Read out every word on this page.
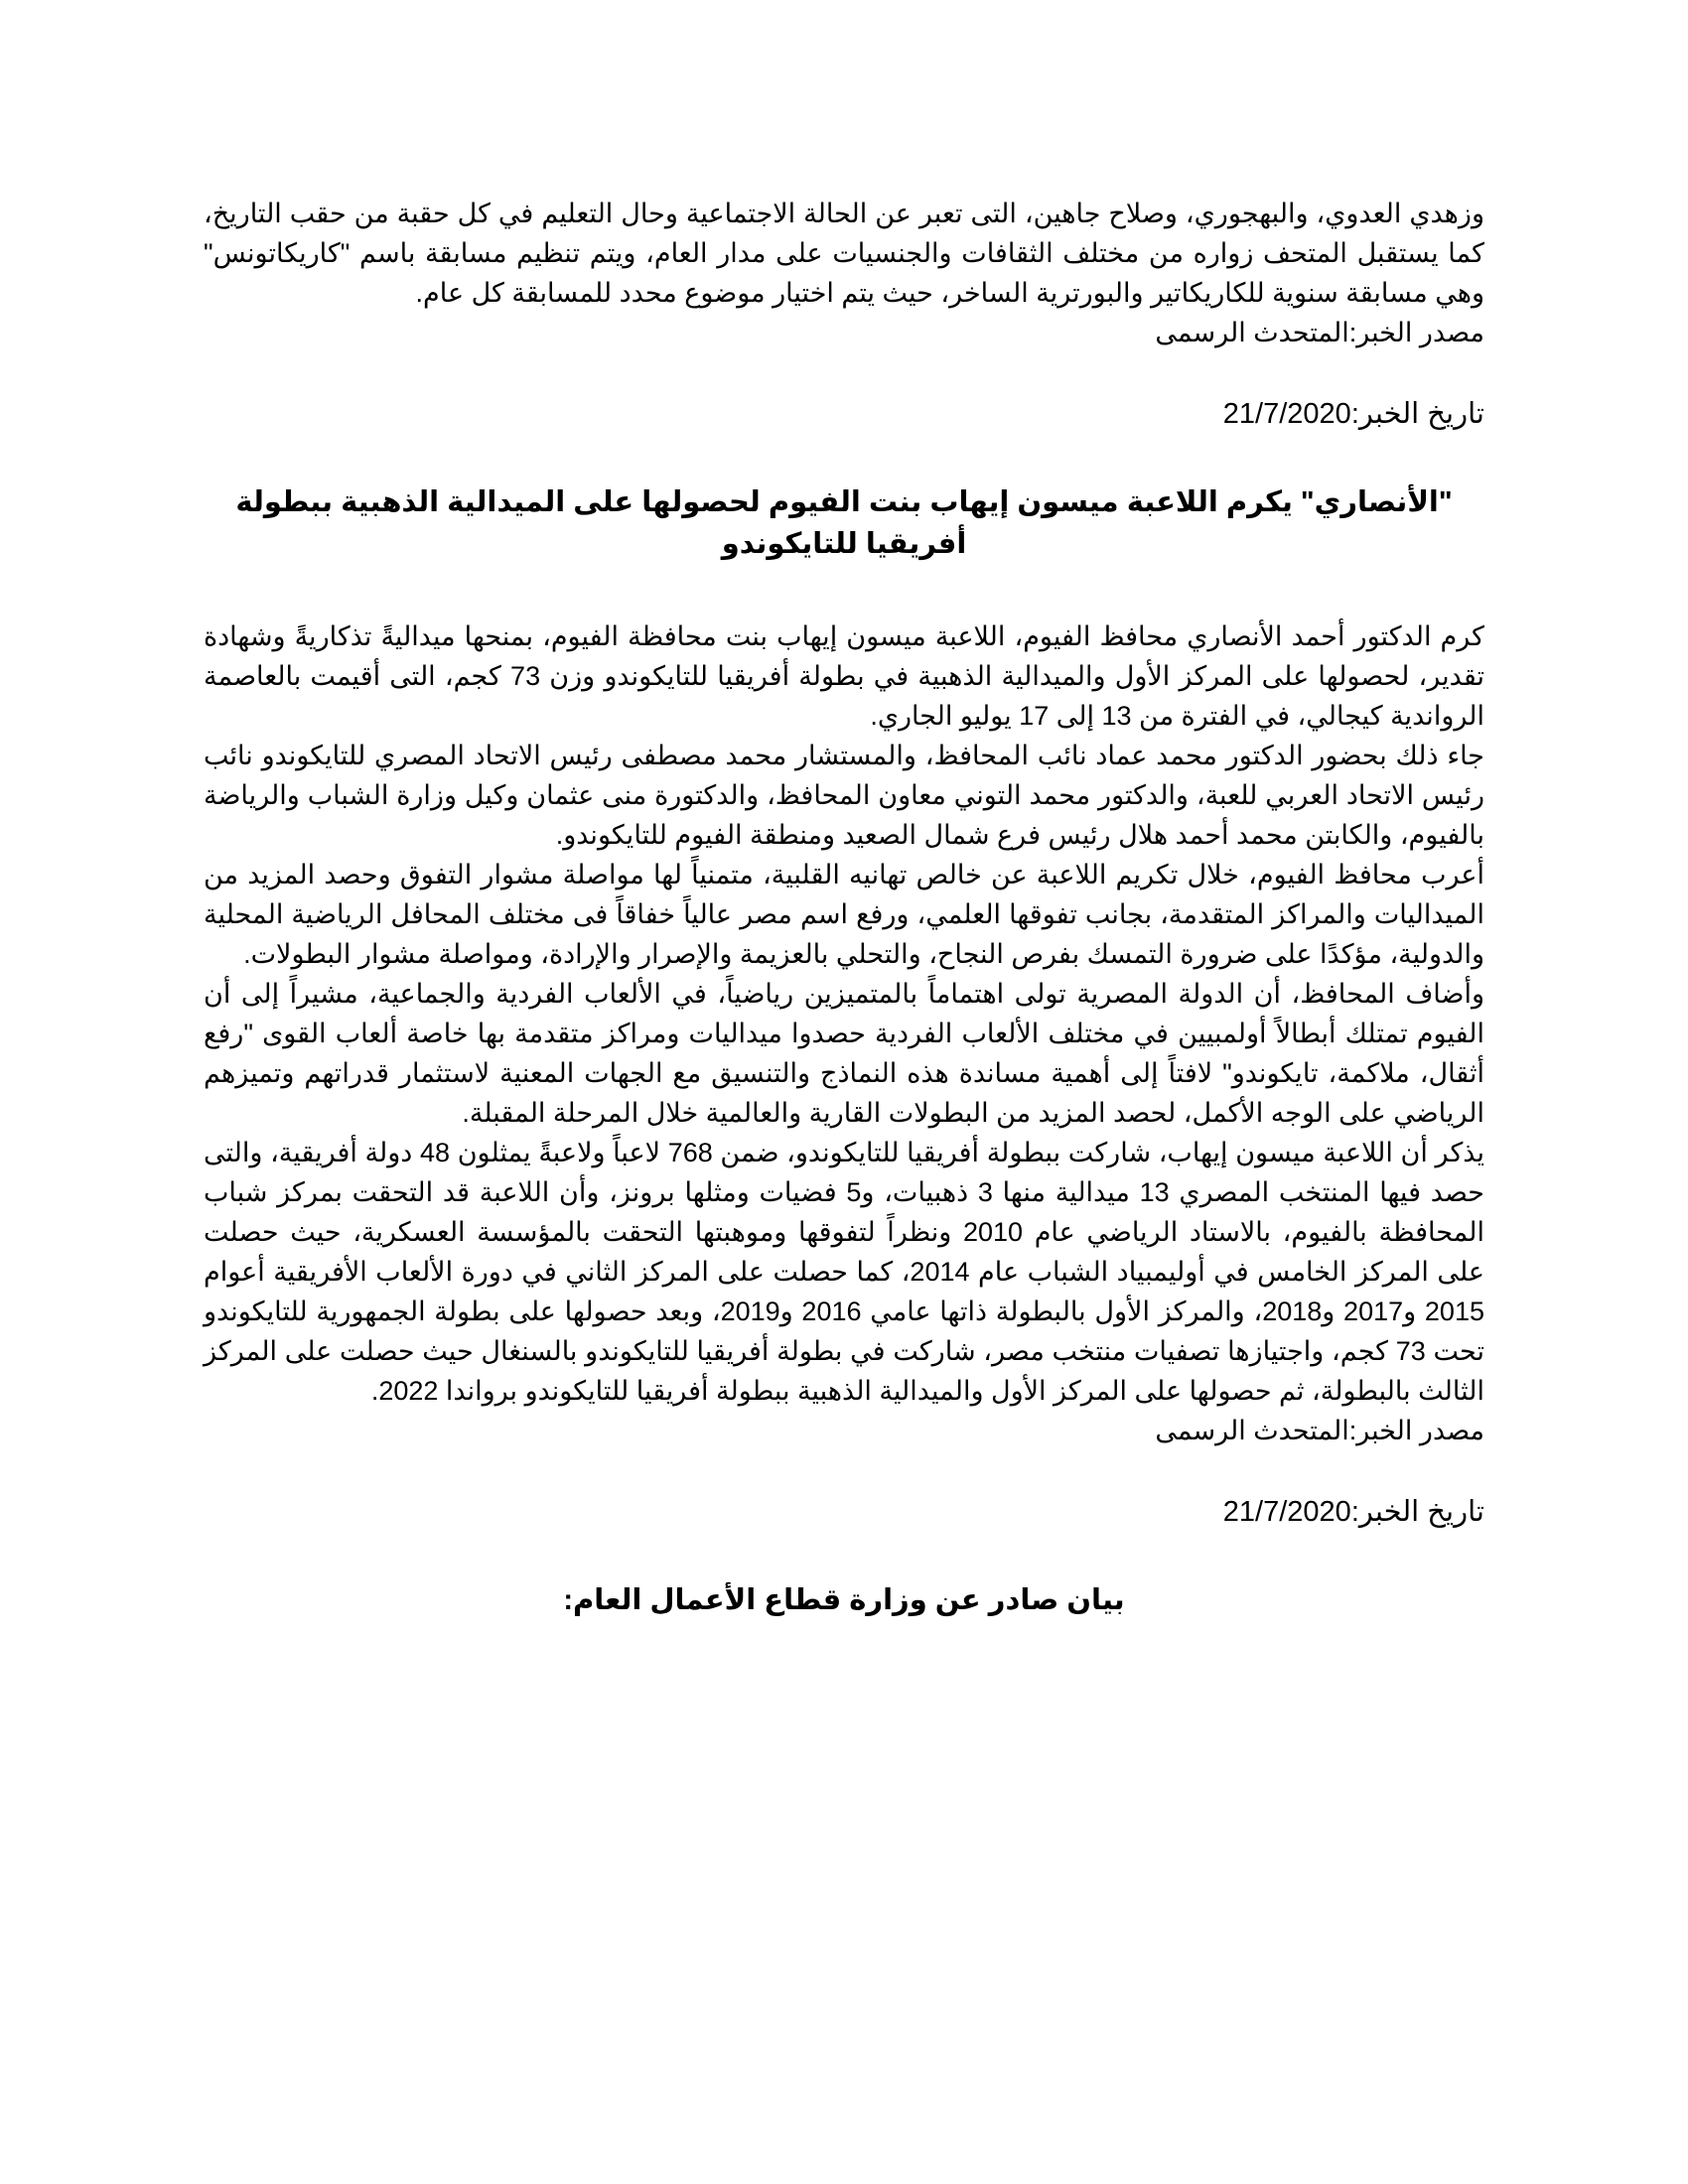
وزهدي العدوي، والبهجوري، وصلاح جاهين، التى تعبر عن الحالة الاجتماعية وحال التعليم في كل حقبة من حقب التاريخ، كما يستقبل المتحف زواره من مختلف الثقافات والجنسيات على مدار العام، ويتم تنظيم مسابقة باسم "كاريكاتونس" وهي مسابقة سنوية للكاريكاتير والبورترية الساخر، حيث يتم اختيار موضوع محدد للمسابقة كل عام.

مصدر الخبر:المتحدث الرسمى

تاريخ الخبر:21/7/2020

"الأنصاري" يكرم اللاعبة ميسون إيهاب بنت الفيوم لحصولها على الميدالية الذهبية ببطولة أفريقيا للتايكوندو

كرم الدكتور أحمد الأنصاري محافظ الفيوم، اللاعبة ميسون إيهاب بنت محافظة الفيوم، بمنحها ميداليةً تذكاريةً وشهادة تقدير، لحصولها على المركز الأول والميدالية الذهبية في بطولة أفريقيا للتايكوندو وزن 73 كجم، التى أقيمت بالعاصمة الرواندية كيجالي، في الفترة من 13 إلى 17 يوليو الجاري.

جاء ذلك بحضور الدكتور محمد عماد نائب المحافظ، والمستشار محمد مصطفى رئيس الاتحاد المصري للتايكوندو نائب رئيس الاتحاد العربي للعبة، والدكتور محمد التوني معاون المحافظ، والدكتورة منى عثمان وكيل وزارة الشباب والرياضة بالفيوم، والكابتن محمد أحمد هلال رئيس فرع شمال الصعيد ومنطقة الفيوم للتايكوندو.

أعرب محافظ الفيوم، خلال تكريم اللاعبة عن خالص تهانيه القلبية، متمنياً لها مواصلة مشوار التفوق وحصد المزيد من الميداليات والمراكز المتقدمة، بجانب تفوقها العلمي، ورفع اسم مصر عالياً خفاقاً فى مختلف المحافل الرياضية المحلية والدولية، مؤكدًا على ضرورة التمسك بفرص النجاح، والتحلي بالعزيمة والإصرار والإرادة، ومواصلة مشوار البطولات.

وأضاف المحافظ، أن الدولة المصرية تولى اهتماماً بالمتميزين رياضياً، في الألعاب الفردية والجماعية، مشيراً إلى أن الفيوم تمتلك أبطالاً أولمبيين في مختلف الألعاب الفردية حصدوا ميداليات ومراكز متقدمة بها خاصة ألعاب القوى "رفع أثقال، ملاكمة، تايكوندو" لافتاً إلى أهمية مساندة هذه النماذج والتنسيق مع الجهات المعنية لاستثمار قدراتهم وتميزهم الرياضي على الوجه الأكمل، لحصد المزيد من البطولات القارية والعالمية خلال المرحلة المقبلة.

يذكر أن اللاعبة ميسون إيهاب، شاركت ببطولة أفريقيا للتايكوندو، ضمن 768 لاعباً ولاعبةً يمثلون 48 دولة أفريقية، والتى حصد فيها المنتخب المصري 13 ميدالية منها 3 ذهبيات، و5 فضيات ومثلها برونز، وأن اللاعبة قد التحقت بمركز شباب المحافظة بالفيوم، بالاستاد الرياضي عام 2010 ونظراً لتفوقها وموهبتها التحقت بالمؤسسة العسكرية، حيث حصلت على المركز الخامس في أوليمبياد الشباب عام 2014، كما حصلت على المركز الثاني في دورة الألعاب الأفريقية أعوام 2015 و2017 و2018، والمركز الأول بالبطولة ذاتها عامي 2016 و2019، وبعد حصولها على بطولة الجمهورية للتايكوندو تحت 73 كجم، واجتيازها تصفيات منتخب مصر، شاركت في بطولة أفريقيا للتايكوندو بالسنغال حيث حصلت على المركز الثالث بالبطولة، ثم حصولها على المركز الأول والميدالية الذهبية ببطولة أفريقيا للتايكوندو برواندا 2022.

مصدر الخبر:المتحدث الرسمى

تاريخ الخبر:21/7/2020

بيان صادر عن وزارة قطاع الأعمال العام:
